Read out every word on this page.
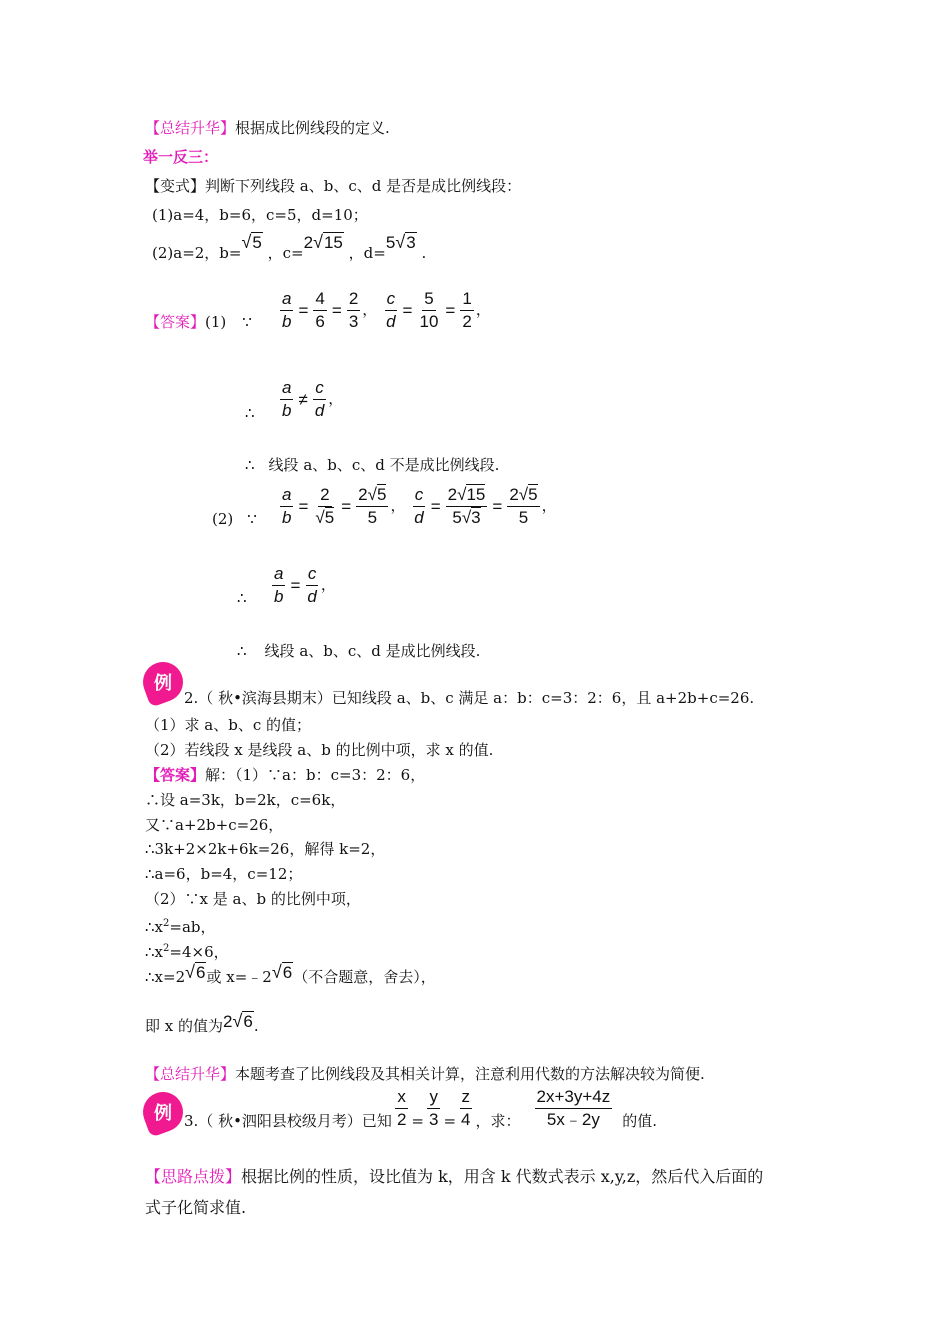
【总结升华】根据成比例线段的定义.
举一反三：
【变式】判断下列线段 a、b、c、d 是否是成比例线段：
(1)a=4，b=6，c=5，d=10；
(2)a=2，b=√5 ，c=2√15 ，d=5√3 .
【答案】(1) ∵ $\frac{a}{b} = \frac{4}{6} = \frac{2}{3}$ ， $\frac{c}{d} = \frac{5}{10} = \frac{1}{2}$ ，
∴ $\frac{a}{b} \ne \frac{c}{d}$ ，
∴ 线段 a、b、c、d 不是成比例线段.
(2) ∵ $\frac{a}{b} = \frac{2}{√5} = \frac{2√5}{5}$ ， $\frac{c}{d} = \frac{2√15}{5√3} = \frac{2√5}{5}$ ，
∴ $\frac{a}{b} = \frac{c}{d}$ ，
∴ 线段 a、b、c、d 是成比例线段.
例
2.（ 秋•滨海县期末）已知线段 a、b、c 满足 a：b：c=3：2：6，且 a+2b+c=26.
（1）求 a、b、c 的值；
（2）若线段 x 是线段 a、b 的比例中项，求 x 的值.
【答案】解：（1）∵a：b：c=3：2：6，
∴设 a=3k，b=2k，c=6k，
又∵a+2b+c=26，
∴3k+2×2k+6k=26，解得 k=2，
∴a=6，b=4，c=12；
（2）∵x 是 a、b 的比例中项，
$\therefore x^2=ab$，
$\therefore x^2=4\times 6$，
∴x=2√6或 x=﹣2√6（不合题意，舍去），
即 x 的值为2√6.
【总结升华】本题考查了比例线段及其相关计算，注意利用代数的方法解决较为简便.
例 3.（ 秋•泗阳县校级月考）已知 $\frac{x}{2} = \frac{y}{3} = \frac{z}{4}$ ，求： $\frac{2x+3y+4z}{5x﹣2y}$ 的值.
【思路点拨】根据比例的性质，设比值为 k，用含 k 代数式表示 x,y,z，然后代入后面的
式子化简求值.
